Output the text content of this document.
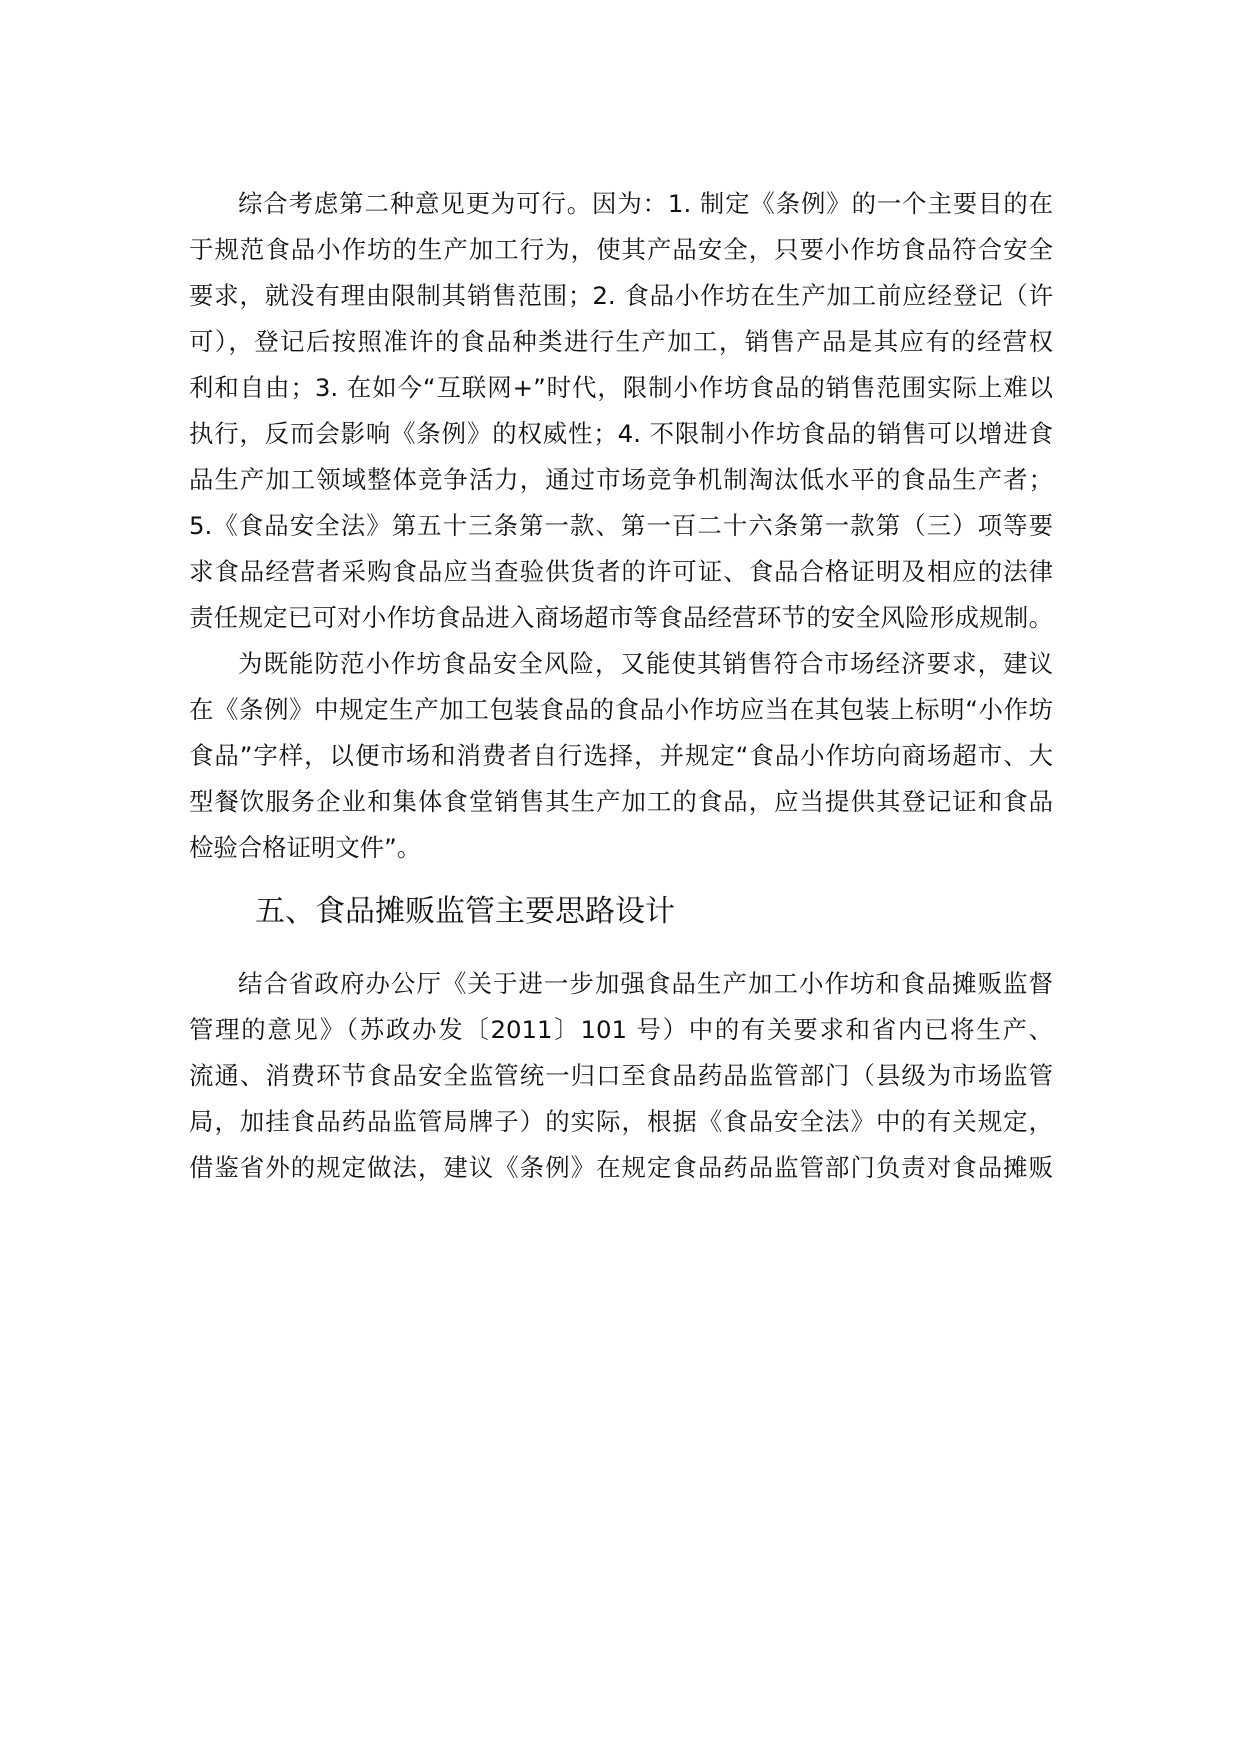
综合考虑第二种意见更为可行。因为：1. 制定《条例》的一个主要目的在
于规范食品小作坊的生产加工行为，使其产品安全，只要小作坊食品符合安全
要求，就没有理由限制其销售范围；2. 食品小作坊在生产加工前应经登记（许
可），登记后按照准许的食品种类进行生产加工，销售产品是其应有的经营权
利和自由；3. 在如今“互联网+”时代，限制小作坊食品的销售范围实际上难以
执行，反而会影响《条例》的权威性；4. 不限制小作坊食品的销售可以增进食
品生产加工领域整体竞争活力，通过市场竞争机制淘汰低水平的食品生产者；
5.《食品安全法》第五十三条第一款、第一百二十六条第一款第（三）项等要
求食品经营者采购食品应当查验供货者的许可证、食品合格证明及相应的法律
责任规定已可对小作坊食品进入商场超市等食品经营环节的安全风险形成规制。
为既能防范小作坊食品安全风险，又能使其销售符合市场经济要求，建议
在《条例》中规定生产加工包装食品的食品小作坊应当在其包装上标明“小作坊
食品”字样，以便市场和消费者自行选择，并规定“食品小作坊向商场超市、大
型餐饮服务企业和集体食堂销售其生产加工的食品，应当提供其登记证和食品
检验合格证明文件”。
五、食品摊贩监管主要思路设计
结合省政府办公厅《关于进一步加强食品生产加工小作坊和食品摊贩监督
管理的意见》（苏政办发〔2011〕101 号）中的有关要求和省内已将生产、
流通、消费环节食品安全监管统一归口至食品药品监管部门（县级为市场监管
局，加挂食品药品监管局牌子）的实际，根据《食品安全法》中的有关规定，
借鉴省外的规定做法，建议《条例》在规定食品药品监管部门负责对食品摊贩
